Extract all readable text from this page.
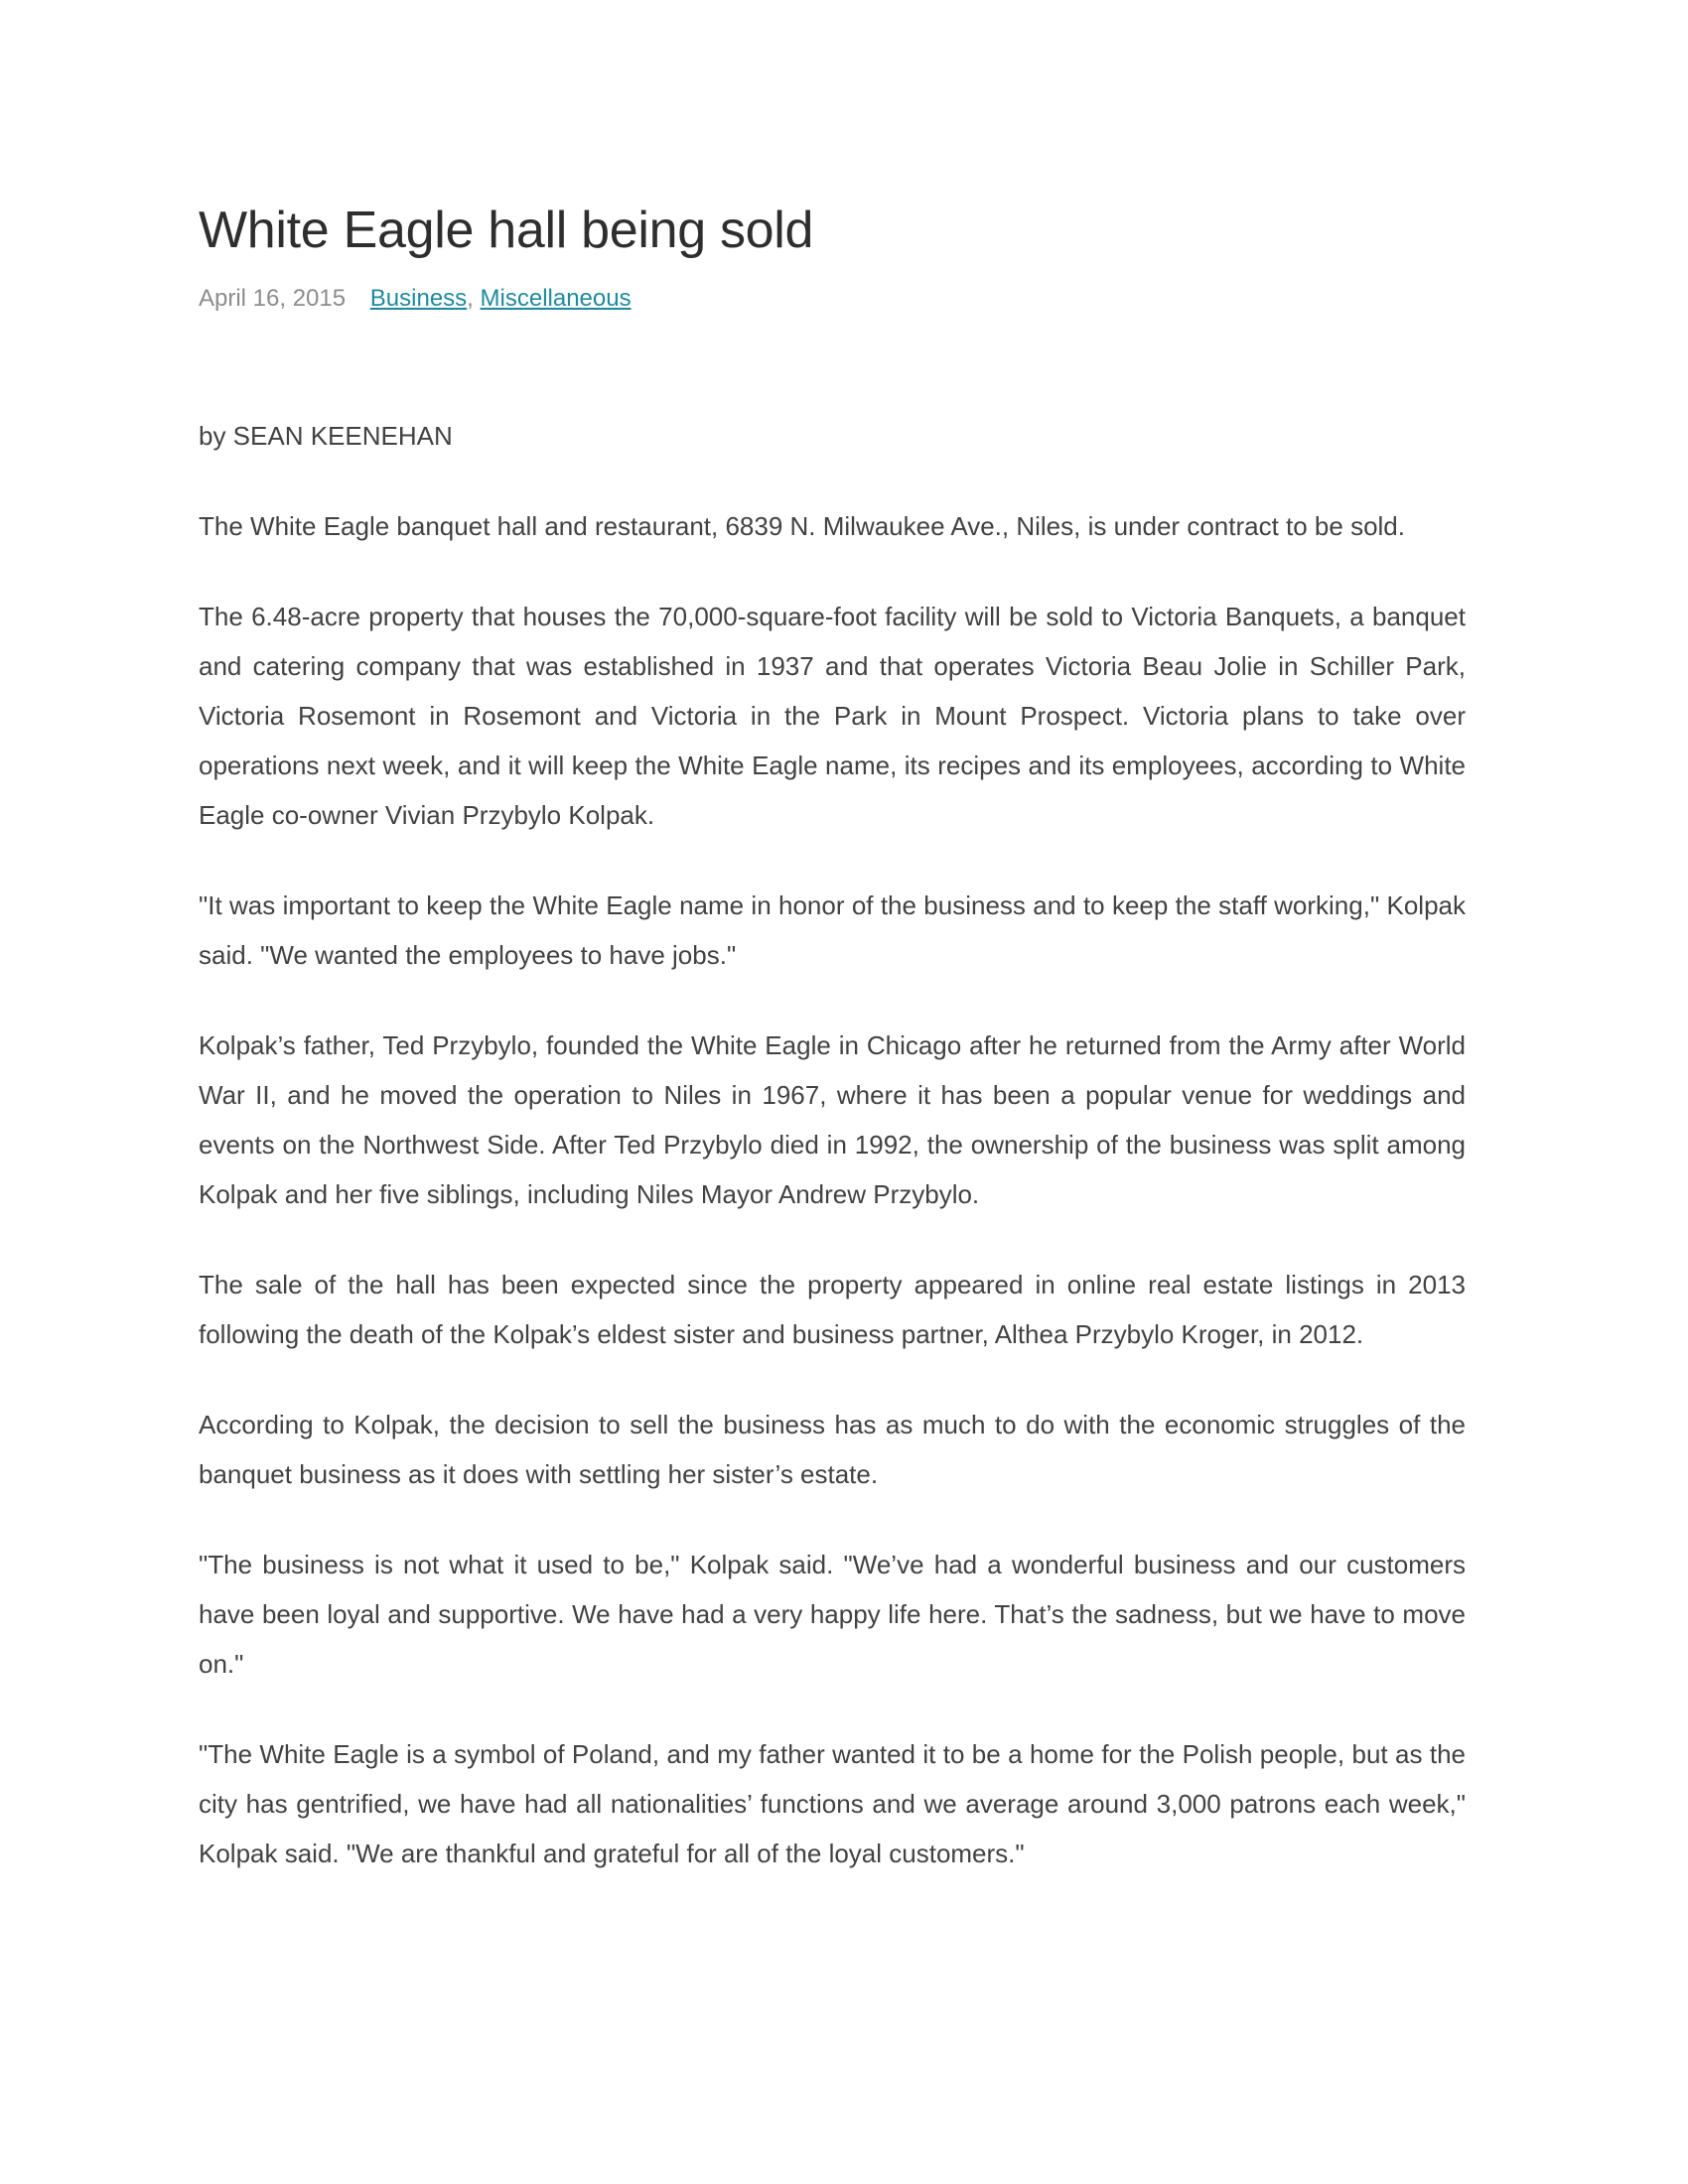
White Eagle hall being sold
April 16, 2015 Business, Miscellaneous
by SEAN KEENEHAN

The White Eagle banquet hall and restaurant, 6839 N. Milwaukee Ave., Niles, is under contract to be sold.

The 6.48-acre property that houses the 70,000-square-foot facility will be sold to Victoria Banquets, a banquet and catering company that was established in 1937 and that operates Victoria Beau Jolie in Schiller Park, Victoria Rosemont in Rosemont and Victoria in the Park in Mount Prospect. Victoria plans to take over operations next week, and it will keep the White Eagle name, its recipes and its employees, according to White Eagle co-owner Vivian Przybylo Kolpak.

"It was important to keep the White Eagle name in honor of the business and to keep the staff working," Kolpak said. "We wanted the employees to have jobs."

Kolpak’s father, Ted Przybylo, founded the White Eagle in Chicago after he returned from the Army after World War II, and he moved the operation to Niles in 1967, where it has been a popular venue for weddings and events on the Northwest Side. After Ted Przybylo died in 1992, the ownership of the business was split among Kolpak and her five siblings, including Niles Mayor Andrew Przybylo.

The sale of the hall has been expected since the property appeared in online real estate listings in 2013 following the death of the Kolpak’s eldest sister and business partner, Althea Przybylo Kroger, in 2012.

According to Kolpak, the decision to sell the business has as much to do with the economic struggles of the banquet business as it does with settling her sister’s estate.

"The business is not what it used to be," Kolpak said. "We’ve had a wonderful business and our customers have been loyal and supportive. We have had a very happy life here. That’s the sadness, but we have to move on."

"The White Eagle is a symbol of Poland, and my father wanted it to be a home for the Polish people, but as the city has gentrified, we have had all nationalities’ functions and we average around 3,000 patrons each week," Kolpak said. "We are thankful and grateful for all of the loyal customers."
